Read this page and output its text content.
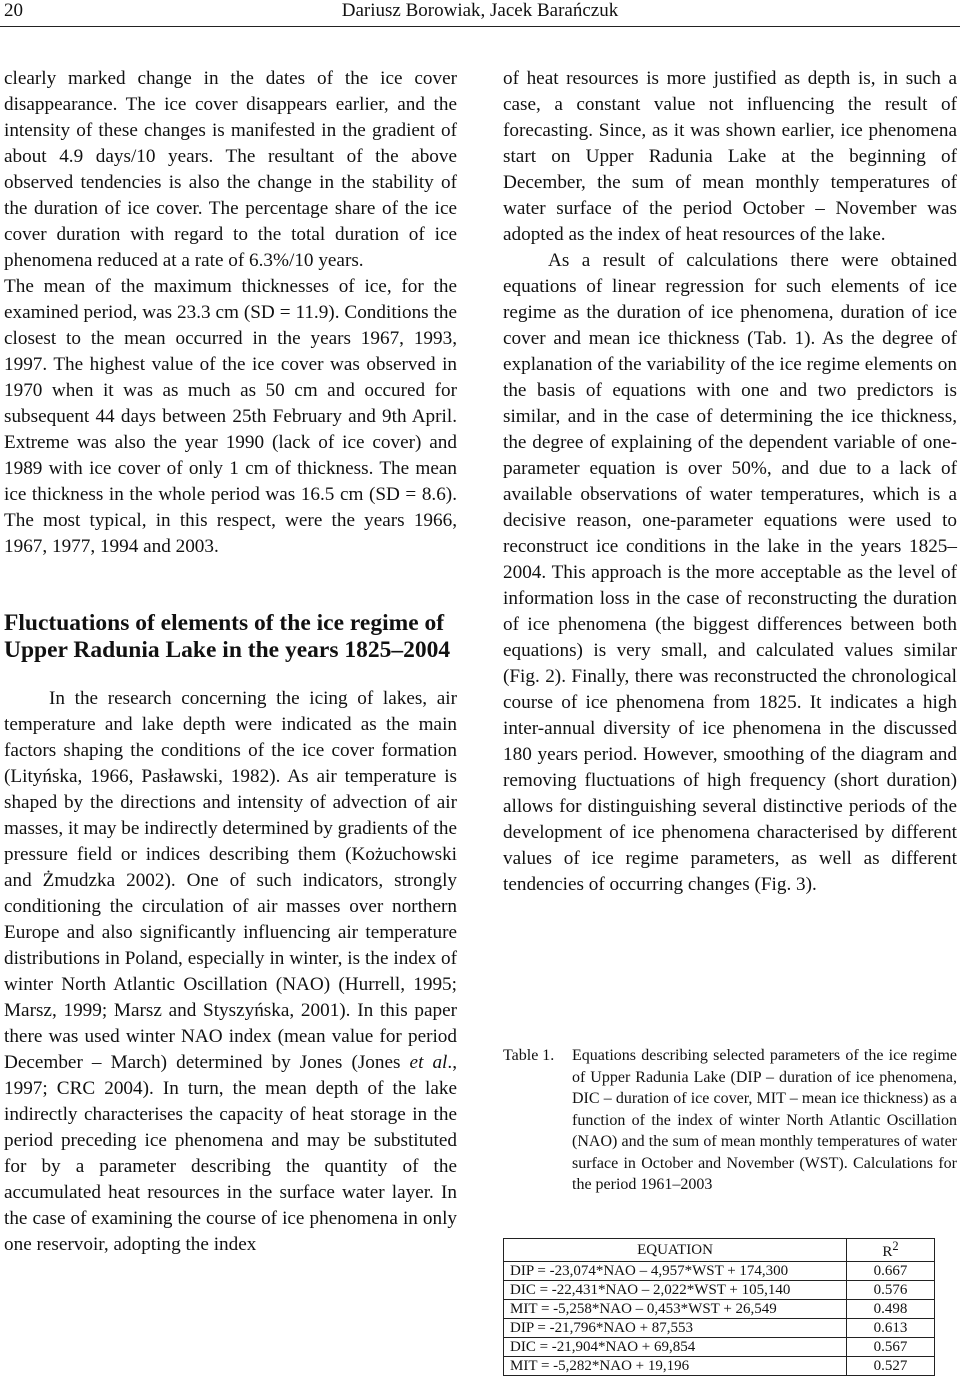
20	Dariusz Borowiak, Jacek Barańczuk

clearly marked change in the dates of the ice cover disappearance. The ice cover disappears earlier, and the intensity of these changes is manifested in the gradient of about 4.9 days/10 years. The resultant of the above observed tendencies is also the change in the stability of the duration of ice cover. The percentage share of the ice cover duration with regard to the total duration of ice phenomena reduced at a rate of 6.3%/10 years.

The mean of the maximum thicknesses of ice, for the examined period, was 23.3 cm (SD = 11.9). Conditions the closest to the mean occurred in the years 1967, 1993, 1997. The highest value of the ice cover was observed in 1970 when it was as much as 50 cm and occured for subsequent 44 days between 25th February and 9th April. Extreme was also the year 1990 (lack of ice cover) and 1989 with ice cover of only 1 cm of thickness. The mean ice thickness in the whole period was 16.5 cm (SD = 8.6). The most typical, in this respect, were the years 1966, 1967, 1977, 1994 and 2003.

Fluctuations of elements of the ice regime of Upper Radunia Lake in the years 1825–2004

In the research concerning the icing of lakes, air temperature and lake depth were indicated as the main factors shaping the conditions of the ice cover formation (Lityńska, 1966, Pasławski, 1982). As air temperature is shaped by the directions and intensity of advection of air masses, it may be indirectly determined by gradients of the pressure field or indices describing them (Kożuchowski and Żmudzka 2002). One of such indicators, strongly conditioning the circulation of air masses over northern Europe and also significantly influencing air temperature distributions in Poland, especially in winter, is the index of winter North Atlantic Oscillation (NAO) (Hurrell, 1995; Marsz, 1999; Marsz and Styszyńska, 2001). In this paper there was used winter NAO index (mean value for period December – March) determined by Jones (Jones et al., 1997; CRC 2004). In turn, the mean depth of the lake indirectly characterises the capacity of heat storage in the period preceding ice phenomena and may be substituted for by a parameter describing the quantity of the accumulated heat resources in the surface water layer. In the case of examining the course of ice phenomena in only one reservoir, adopting the index

of heat resources is more justified as depth is, in such a case, a constant value not influencing the result of forecasting. Since, as it was shown earlier, ice phenomena start on Upper Radunia Lake at the beginning of December, the sum of mean monthly temperatures of water surface of the period October – November was adopted as the index of heat resources of the lake.

As a result of calculations there were obtained equations of linear regression for such elements of ice regime as the duration of ice phenomena, duration of ice cover and mean ice thickness (Tab. 1). As the degree of explanation of the variability of the ice regime elements on the basis of equations with one and two predictors is similar, and in the case of determining the ice thickness, the degree of explaining of the dependent variable of one-parameter equation is over 50%, and due to a lack of available observations of water temperatures, which is a decisive reason, one-parameter equations were used to reconstruct ice conditions in the lake in the years 1825–2004. This approach is the more acceptable as the level of information loss in the case of reconstructing the duration of ice phenomena (the biggest differences between both equations) is very small, and calculated values similar (Fig. 2). Finally, there was reconstructed the chronological course of ice phenomena from 1825. It indicates a high inter-annual diversity of ice phenomena in the discussed 180 years period. However, smoothing of the diagram and removing fluctuations of high frequency (short duration) allows for distinguishing several distinctive periods of the development of ice phenomena characterised by different values of ice regime parameters, as well as different tendencies of occurring changes (Fig. 3).

Table 1. Equations describing selected parameters of the ice regime of Upper Radunia Lake (DIP – duration of ice phenomena, DIC – duration of ice cover, MIT – mean ice thickness) as a function of the index of winter North Atlantic Oscillation (NAO) and the sum of mean monthly temperatures of water surface in October and November (WST). Calculations for the period 1961–2003
EQUATION	$R^2$
DIP = -23,074*NAO – 4,957*WST + 174,300	0.667
DIC = -22,431*NAO – 2,022*WST + 105,140	0.576
MIT = -5,258*NAO – 0,453*WST + 26,549	0.498
DIP = -21,796*NAO + 87,553	0.613
DIC = -21,904*NAO + 69,854	0.567
MIT = -5,282*NAO + 19,196	0.527
